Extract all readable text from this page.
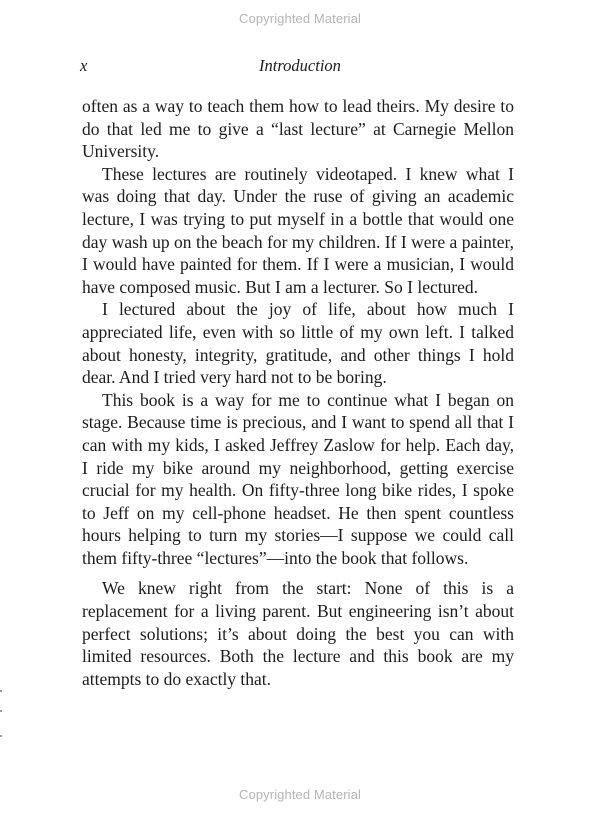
Copyrighted Material
x	Introduction

often as a way to teach them how to lead theirs. My desire to do that led me to give a “last lecture” at Carnegie Mellon University.

These lectures are routinely videotaped. I knew what I was doing that day. Under the ruse of giving an academic lecture, I was trying to put myself in a bottle that would one day wash up on the beach for my children. If I were a painter, I would have painted for them. If I were a musician, I would have composed music. But I am a lecturer. So I lectured.

I lectured about the joy of life, about how much I appreciated life, even with so little of my own left. I talked about honesty, integrity, gratitude, and other things I hold dear. And I tried very hard not to be boring.

This book is a way for me to continue what I began on stage. Because time is precious, and I want to spend all that I can with my kids, I asked Jeffrey Zaslow for help. Each day, I ride my bike around my neighborhood, getting exercise crucial for my health. On fifty-three long bike rides, I spoke to Jeff on my cell-phone headset. He then spent countless hours helping to turn my stories—I suppose we could call them fifty-three “lectures”—into the book that follows.

We knew right from the start: None of this is a replacement for a living parent. But engineering isn’t about perfect solutions; it’s about doing the best you can with limited resources. Both the lecture and this book are my attempts to do exactly that.

Copyrighted Material
